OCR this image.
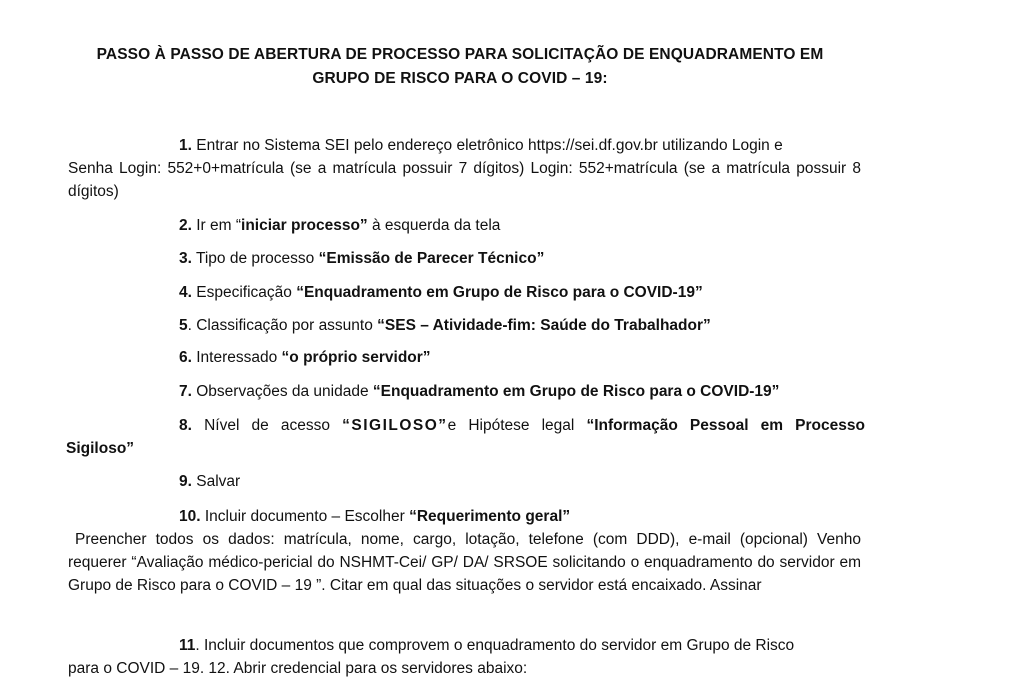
PASSO À PASSO DE ABERTURA DE PROCESSO PARA SOLICITAÇÃO DE ENQUADRAMENTO EM
GRUPO DE RISCO PARA O COVID – 19:
1. Entrar no Sistema SEI pelo endereço eletrônico https://sei.df.gov.br utilizando Login e
Senha Login: 552+0+matrícula (se a matrícula possuir 7 dígitos) Login: 552+matrícula (se a matrícula possuir 8 dígitos)
2. Ir em “iniciar processo” à esquerda da tela
3. Tipo de processo “Emissão de Parecer Técnico”
4. Especificação “Enquadramento em Grupo de Risco para o COVID-19”
5. Classificação por assunto “SES – Atividade-fim: Saúde do Trabalhador”
6. Interessado “o próprio servidor”
7. Observações da unidade “Enquadramento em Grupo de Risco para o COVID-19”
8. Nível de acesso “SIGILOSO”e Hipótese legal “Informação Pessoal em Processo
Sigiloso”
9. Salvar
10. Incluir documento – Escolher “Requerimento geral”
Preencher todos os dados: matrícula, nome, cargo, lotação, telefone (com DDD), e-mail (opcional) Venho requerer “Avaliação médico-pericial do NSHMT-Cei/ GP/ DA/ SRSOE solicitando o enquadramento do servidor em Grupo de Risco para o COVID – 19 ”. Citar em qual das situações o servidor está encaixado. Assinar
11. Incluir documentos que comprovem o enquadramento do servidor em Grupo de Risco
para o COVID – 19. 12. Abrir credencial para os servidores abaixo:
